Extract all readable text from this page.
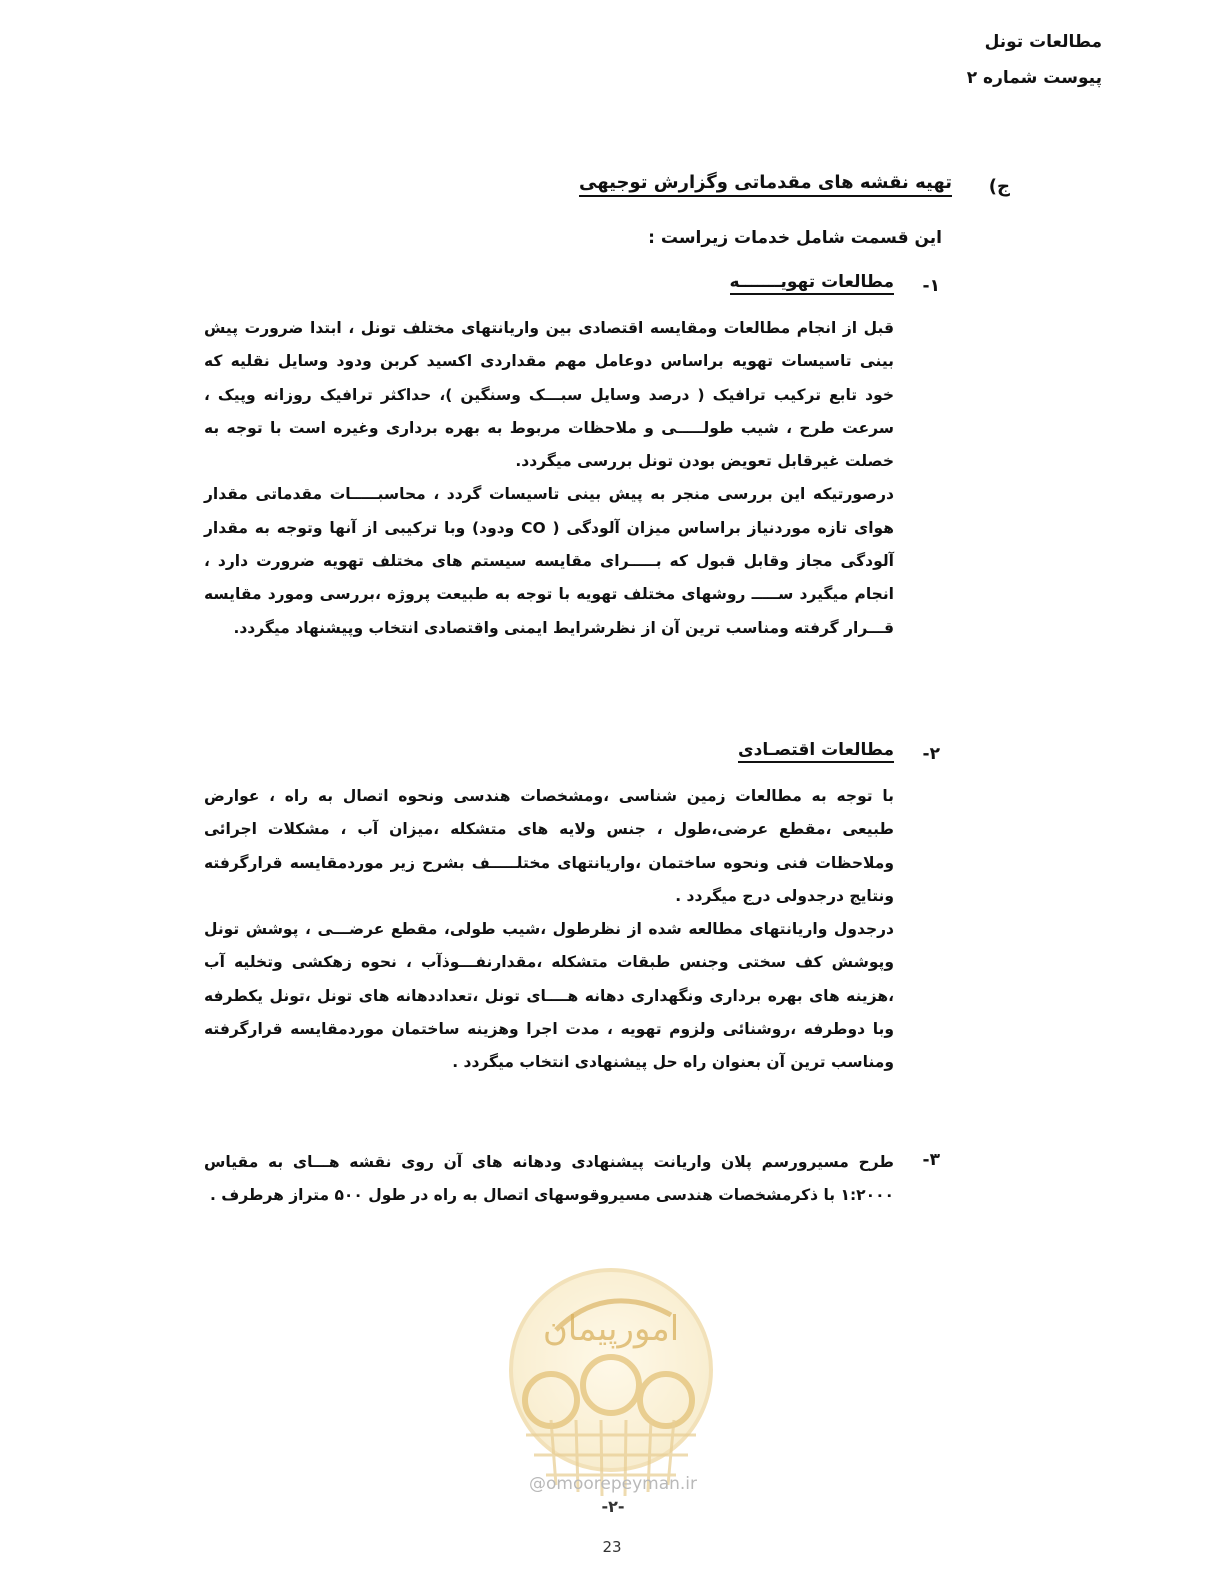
مطالعات تونل
پیوست شماره ۲
ج)
تهیه نقشه های مقدماتی وگزارش توجیهی
این قسمت شامل خدمات زیراست :
۱-
مطالعات تهویـــــــه

قبل از انجام مطالعات ومقایسه اقتصادی بین واریانتهای مختلف تونل ، ابتدا ضرورت پیش بینی تاسیسات تهویه براساس دوعامل مهم مقداردی اکسید کربن ودود وسایل نقلیه که خود تابع ترکیب ترافیک ( درصد وسایل سبـــک وسنگین )، حداکثر ترافیک روزانه وپیک ، سرعت طرح ، شیب طولـــــی و ملاحظات مربوط به بهره برداری وغیره است با توجه به خصلت غیرقابل تعویض بودن تونل بررسی میگردد.

درصورتیکه این بررسی منجر به پیش بینی تاسیسات گردد ، محاسبـــــات مقدماتی مقدار هوای تازه موردنیاز براساس میزان آلودگی ( CO ودود) وبا ترکیبی از آنها وتوجه به مقدار آلودگی مجاز وقابل قبول که بـــــرای مقایسه سیستم های مختلف تهویه ضرورت دارد ، انجام میگیرد ســـــ روشهای مختلف تهویه با توجه به طبیعت پروژه ،بررسی ومورد مقایسه قـــرار گرفته ومناسب ترین آن از نظرشرایط ایمنی واقتصادی انتخاب وپیشنهاد میگردد.

۲-
مطالعات اقتصـادی

با توجه به مطالعات زمین شناسی ،ومشخصات هندسی ونحوه اتصال به راه ، عوارض طبیعی ،مقطع عرضی،طول ، جنس ولایه های متشکله ،میزان آب ، مشکلات اجرائی وملاحظات فنی ونحوه ساختمان ،واریانتهای مختلـــــف بشرح زیر موردمقایسه قرارگرفته ونتایج درجدولی درج میگردد .

درجدول واریانتهای مطالعه شده از نظرطول ،شیب طولی، مقطع عرضـــی ، پوشش تونل وپوشش کف سختی وجنس طبقات متشکله ،مقدارنفـــوذآب ، نحوه زهکشی وتخلیه آب ،هزینه های بهره برداری ونگهداری دهانه هــــای تونل ،تعداددهانه های تونل ،تونل یکطرفه وبا دوطرفه ،روشنائی ولزوم تهویه ، مدت اجرا وهزینه ساختمان موردمقایسه قرارگرفته ومناسب ترین آن بعنوان راه حل پیشنهادی انتخاب میگردد .

۳-

طرح مسیرورسم پلان واریانت پیشنهادی ودهانه های آن روی نقشه هـــای به مقیاس ۱:۲۰۰۰ با ذکرمشخصات هندسی مسیروقوسهای اتصال به راه در طول ۵۰۰ متراز هرطرف .

امورپیمان
-۲-
@omoorepeyman.ir
23
